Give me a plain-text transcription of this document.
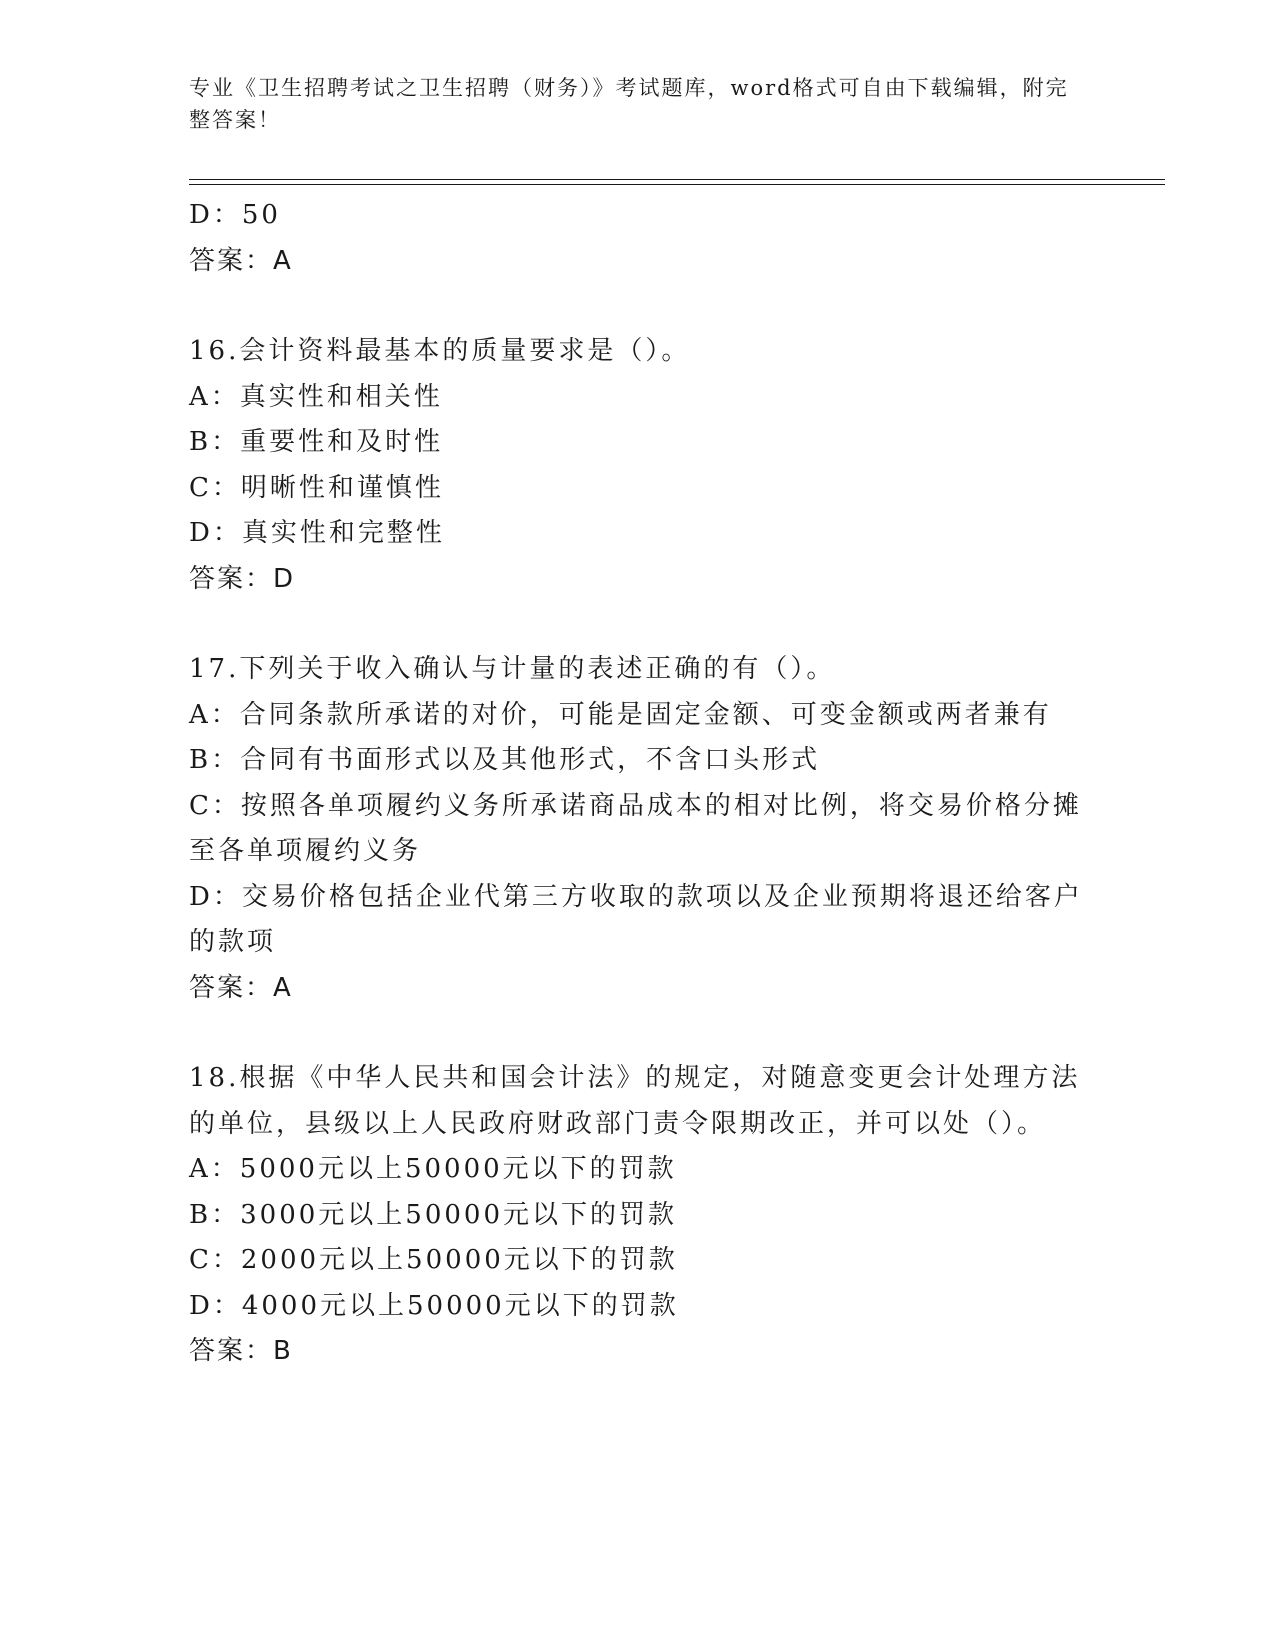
专业《卫生招聘考试之卫生招聘（财务）》考试题库，word格式可自由下载编辑，附完整答案！
D：50
答案：A
16.会计资料最基本的质量要求是（）。
A：真实性和相关性
B：重要性和及时性
C：明晰性和谨慎性
D：真实性和完整性
答案：D
17.下列关于收入确认与计量的表述正确的有（）。
A：合同条款所承诺的对价，可能是固定金额、可变金额或两者兼有
B：合同有书面形式以及其他形式，不含口头形式
C：按照各单项履约义务所承诺商品成本的相对比例，将交易价格分摊至各单项履约义务
D：交易价格包括企业代第三方收取的款项以及企业预期将退还给客户的款项
答案：A
18.根据《中华人民共和国会计法》的规定，对随意变更会计处理方法的单位，县级以上人民政府财政部门责令限期改正，并可以处（）。
A：5000元以上50000元以下的罚款
B：3000元以上50000元以下的罚款
C：2000元以上50000元以下的罚款
D：4000元以上50000元以下的罚款
答案：B
